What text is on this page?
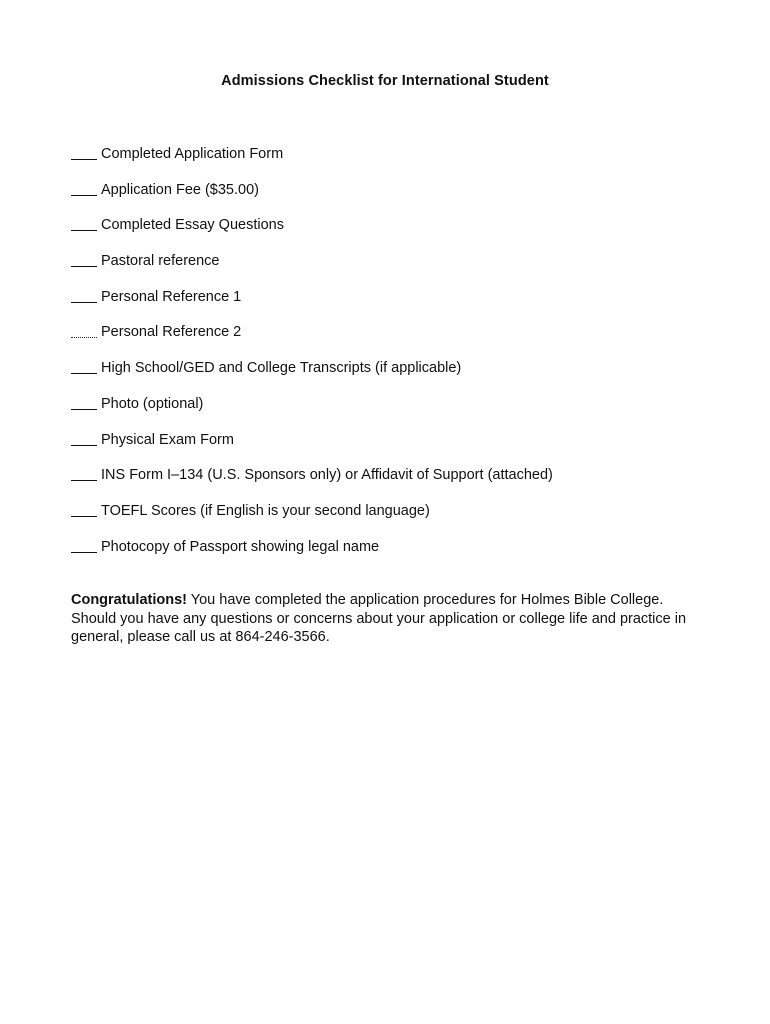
Admissions Checklist for International Student
Completed Application Form
Application Fee ($35.00)
Completed Essay Questions
Pastoral reference
Personal Reference 1
Personal Reference 2
High School/GED and College Transcripts (if applicable)
Photo (optional)
Physical Exam Form
INS Form I–134 (U.S. Sponsors only) or Affidavit of Support (attached)
TOEFL Scores (if English is your second language)
Photocopy of Passport showing legal name

Congratulations! You have completed the application procedures for Holmes Bible College. Should you have any questions or concerns about your application or college life and practice in general, please call us at 864-246-3566.
